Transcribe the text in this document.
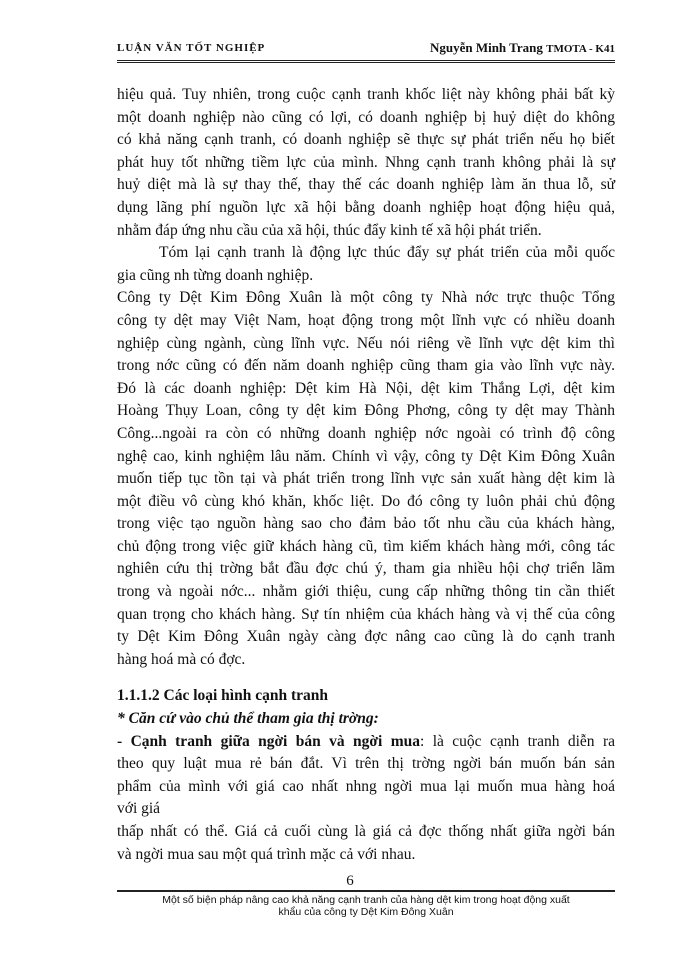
LUẬN VĂN TỐT NGHIỆP	Nguyễn Minh Trang TMOTA - K41
hiệu quả. Tuy nhiên, trong cuộc cạnh tranh khốc liệt này không phải bất kỳ
một doanh nghiệp nào cũng có lợi, có doanh nghiệp bị huỷ diệt do không
có khả năng cạnh tranh, có doanh nghiệp sẽ thực sự phát triển nếu họ biết
phát huy tốt những tiềm lực của mình. Nhng cạnh tranh không phải là sự
huỷ diệt mà là sự thay thế, thay thế các doanh nghiệp làm ăn thua lỗ, sử
dụng lãng phí nguồn lực xã hội bằng doanh nghiệp hoạt động hiệu quả,
nhằm đáp ứng nhu cầu của xã hội, thúc đẩy kinh tế xã hội phát triển.
Tóm lại cạnh tranh là động lực thúc đẩy sự phát triển của mỗi quốc
gia cũng nh từng doanh nghiệp.
Công ty Dệt Kim Đông Xuân là một công ty Nhà nớc trực thuộc Tổng
công ty dệt may Việt Nam, hoạt động trong một lĩnh vực có nhiều doanh
nghiệp cùng ngành, cùng lĩnh vực. Nếu nói riêng về lĩnh vực dệt kim thì
trong nớc cũng có đến năm doanh nghiệp cũng tham gia vào lĩnh vực này.
Đó là các doanh nghiệp: Dệt kim Hà Nội, dệt kim Thắng Lợi, dệt kim
Hoàng Thụy Loan, công ty dệt kim Đông Phơng, công ty dệt may Thành
Công...ngoài ra còn có những doanh nghiệp nớc ngoài có trình độ công
nghệ cao, kinh nghiệm lâu năm. Chính vì vậy, công ty Dệt Kim Đông Xuân
muốn tiếp tục tồn tại và phát triển trong lĩnh vực sản xuất hàng dệt kim là
một điều vô cùng khó khăn, khốc liệt. Do đó công ty luôn phải chủ động
trong việc tạo nguồn hàng sao cho đảm bảo tốt nhu cầu của khách hàng,
chủ động trong việc giữ khách hàng cũ, tìm kiếm khách hàng mới, công tác
nghiên cứu thị trờng bắt đầu đợc chú ý, tham gia nhiều hội chợ triển lãm
trong và ngoài nớc... nhằm giới thiệu, cung cấp những thông tin cần thiết
quan trọng cho khách hàng. Sự tín nhiệm của khách hàng và vị thế của công
ty Dệt Kim Đông Xuân ngày càng đợc nâng cao cũng là do cạnh tranh
hàng hoá mà có đợc.
1.1.1.2 Các loại hình cạnh tranh
* Căn cứ vào chủ thể tham gia thị trờng:
- Cạnh tranh giữa ngời bán và ngời mua: là cuộc cạnh tranh diễn ra
theo quy luật mua rẻ bán đắt. Vì trên thị trờng ngời bán muốn bán sản
phẩm của mình với giá cao nhất nhng ngời mua lại muốn mua hàng hoá
với giá
thấp nhất có thể. Giá cả cuối cùng là giá cả đợc thống nhất giữa ngời bán
và ngời mua sau một quá trình mặc cả với nhau.
6
Một số biện pháp nâng cao khả năng cạnh tranh của hàng dệt kim trong hoạt động xuất
khẩu của công ty Dệt Kim Đông Xuân
